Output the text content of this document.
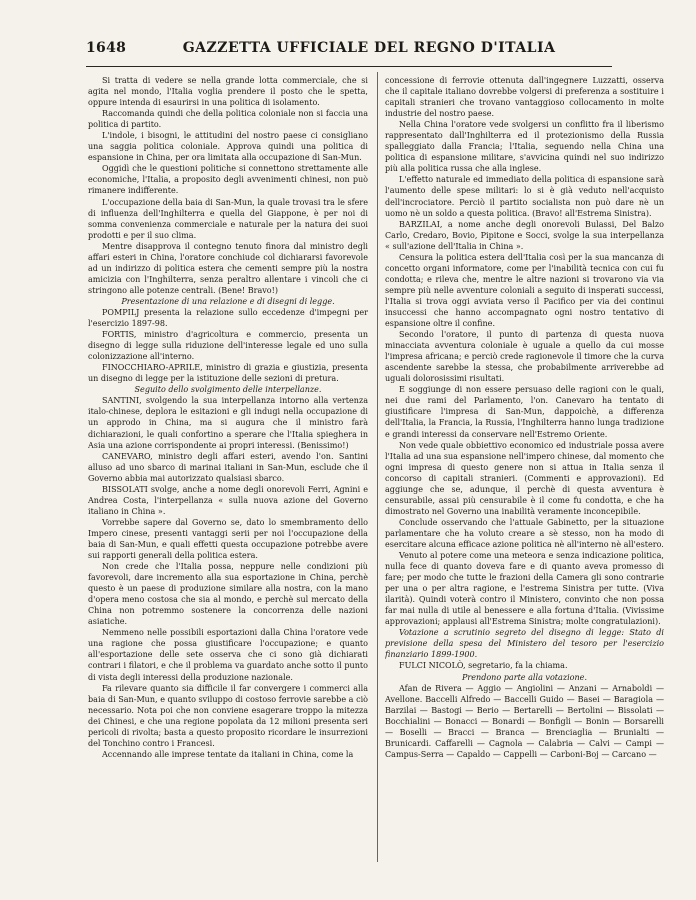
1648	GAZZETTA UFFICIALE DEL REGNO D'ITALIA

Si tratta di vedere se nella grande lotta commerciale, che si agita nel mondo, l'Italia voglia prendere il posto che le spetta, oppure intenda di esaurirsi in una politica di isolamento.

Raccomanda quindi che della politica coloniale non si faccia una politica di partito.

L'indole, i bisogni, le attitudini del nostro paese ci consigliano una saggia politica coloniale. Approva quindi una politica di espansione in China, per ora limitata alla occupazione di San-Mun.

Oggidì che le questioni politiche si connettono strettamente alle economiche, l'Italia, a proposito degli avvenimenti chinesi, non può rimanere indifferente.

L'occupazione della baia di San-Mun, la quale trovasi tra le sfere di influenza dell'Inghilterra e quella del Giappone, è per noi di somma convenienza commerciale e naturale per la natura dei suoi prodotti e per il suo clima.

Mentre disapprova il contegno tenuto finora dal ministro degli affari esteri in China, l'oratore conchiude col dichiararsi favorevole ad un indirizzo di politica estera che cementi sempre più la nostra amicizia con l'Inghilterra, senza peraltro allentare i vincoli che ci stringono alle potenze centrali. (Bene! Bravo!)

Presentazione di una relazione e di disegni di legge.

POMPILJ presenta la relazione sullo eccedenze d'impegni per l'esercizio 1897-98.

FORTIS, ministro d'agricoltura e commercio, presenta un disegno di legge sulla riduzione dell'interesse legale ed uno sulla colonizzazione all'interno.

FINOCCHIARO-APRILE, ministro di grazia e giustizia, presenta un disegno di legge per la istituzione delle sezioni di pretura.

Seguito dello svolgimento delle interpellanze.

SANTINI, svolgendo la sua interpellanza intorno alla vertenza italo-chinese, deplora le esitazioni e gli indugi nella occupazione di un approdo in China, ma si augura che il ministro farà dichiarazioni, le quali confortino a sperare che l'Italia spieghera in Asia una azione corrispondente ai propri interessi. (Benissimo!)

CANEVARO, ministro degli affari esteri, avendo l'on. Santini alluso ad uno sbarco di marinai italiani in San-Mun, esclude che il Governo abbia mai autorizzato qualsiasi sbarco.

BISSOLATI svolge, anche a nome degli onorevoli Ferri, Agnini e Andrea Costa, l'interpellanza « sulla nuova azione del Governo italiano in China ».

Vorrebbe sapere dal Governo se, dato lo smembramento dello Impero cinese, presenti vantaggi serii per noi l'occupazione della baia di San-Mun, e quali effetti questa occupazione potrebbe avere sui rapporti generali della politica estera.

Non crede che l'Italia possa, neppure nelle condizioni più favorevoli, dare incremento alla sua esportazione in China, perchè questo è un paese di produzione similare alla nostra, con la mano d'opera meno costosa che sia al mondo, e perchè sul mercato della China non potremmo sostenere la concorrenza delle nazioni asiatiche.

Nemmeno nelle possibili esportazioni dalla China l'oratore vede una ragione che possa giustificare l'occupazione; e quanto all'esportazione delle sete osserva che ci sono già dichiarati contrari i filatori, e che il problema va guardato anche sotto il punto di vista degli interessi della produzione nazionale.

Fa rilevare quanto sia difficile il far convergere i commerci alla baia di San-Mun, e quanto sviluppo di costoso ferrovie sarebbe a ciò necessario. Nota poi che non conviene esagerare troppo la mitezza dei Chinesi, e che una regione popolata da 12 milioni presenta seri pericoli di rivolta; basta a questo proposito ricordare le insurrezioni del Tonchino contro i Francesi.

Accennando alle imprese tentate da italiani in China, come la

concessione di ferrovie ottenuta dall'ingegnere Luzzatti, osserva che il capitale italiano dovrebbe volgersi di preferenza a sostituire i capitali stranieri che trovano vantaggioso collocamento in molte industrie del nostro paese.

Nella China l'oratore vede svolgersi un conflitto fra il liberismo rappresentato dall'Inghilterra ed il protezionismo della Russia spalleggiato dalla Francia; l'Italia, seguendo nella China una politica di espansione militare, s'avvicina quindi nel suo indirizzo più alla politica russa che alla inglese.

L'effetto naturale ed immediato della politica di espansione sarà l'aumento delle spese militari: lo si è già veduto nell'acquisto dell'incrociatore. Perciò il partito socialista non può dare nè un uomo nè un soldo a questa politica. (Bravo! all'Estrema Sinistra).

BARZILAI, a nome anche degli onorevoli Bulassi, Del Balzo Carlo, Credaro, Bovio, Pipitone e Socci, svolge la sua interpellanza « sull'azione dell'Italia in China ».

Censura la politica estera dell'Italia così per la sua mancanza di concetto organi informatore, come per l'inabilità tecnica con cui fu condotta; e rileva che, mentre le altre nazioni si trovarono via via sempre più nelle avventure coloniali a seguito di insperati successi, l'Italia si trova oggi avviata verso il Pacifico per via dei continui insuccessi che hanno accompagnato ogni nostro tentativo di espansione oltre il confine.

Secondo l'oratore, il punto di partenza di questa nuova minacciata avventura coloniale è uguale a quello da cui mosse l'impresa africana; e perciò crede ragionevole il timore che la curva ascendente sarebbe la stessa, che probabilmente arriverebbe ad uguali dolorosissimi risultati.

E soggiunge di non essere persuaso delle ragioni con le quali, nei due rami del Parlamento, l'on. Canevaro ha tentato di giustificare l'impresa di San-Mun, dappoichè, a differenza dell'Italia, la Francia, la Russia, l'Inghilterra hanno lunga tradizione e grandi interessi da conservare nell'Estremo Oriente.

Non vede quale obbiettivo economico ed industriale possa avere l'Italia ad una sua espansione nell'impero chinese, dal momento che ogni impresa di questo genere non si attua in Italia senza il concorso di capitali stranieri. (Commenti e approvazioni). Ed aggiunge che se, adunque, il perchè di questa avventura è censurabile, assai più censurabile è il come fu condotta, e che ha dimostrato nel Governo una inabilità veramente inconcepibile.

Conclude osservando che l'attuale Gabinetto, per la situazione parlamentare che ha voluto creare a sè stesso, non ha modo di esercitare alcuna efficace azione politica nè all'interno nè all'estero.

Venuto al potere come una meteora e senza indicazione politica, nulla fece di quanto doveva fare e di quanto aveva promesso di fare; per modo che tutte le frazioni della Camera gli sono contrarie per una o per altra ragione, e l'estrema Sinistra per tutte. (Viva ilarità). Quindi voterà contro il Ministero, convinto che non possa far mai nulla di utile al benessere e alla fortuna d'Italia. (Vivissime approvazioni; applausi all'Estrema Sinistra; molte congratulazioni).

Votazione a scrutinio segreto del disegno di legge: Stato di previsione della spesa del Ministero del tesoro per l'esercizio finanziario 1899-1900.

FULCI NICOLÒ, segretario, fa la chiama.

Prendono parte alla votazione.

Afan de Rivera — Aggio — Angiolini — Anzani — Arnaboldi — Avellone. Baccelli Alfredo — Baccelli Guido — Basei — Baragiola — Barzilai — Bastogi — Berio — Bertarelli — Bertolini — Bissolati — Bocchialini — Bonacci — Bonardi — Bonfigli — Bonin — Borsarelli — Boselli — Bracci — Branca — Brenciaglia — Brunialti — Brunicardi. Caffarelli — Cagnola — Calabria — Calvi — Campi — Campus-Serra — Capaldo — Cappelli — Carboni-Boj — Carcano —
